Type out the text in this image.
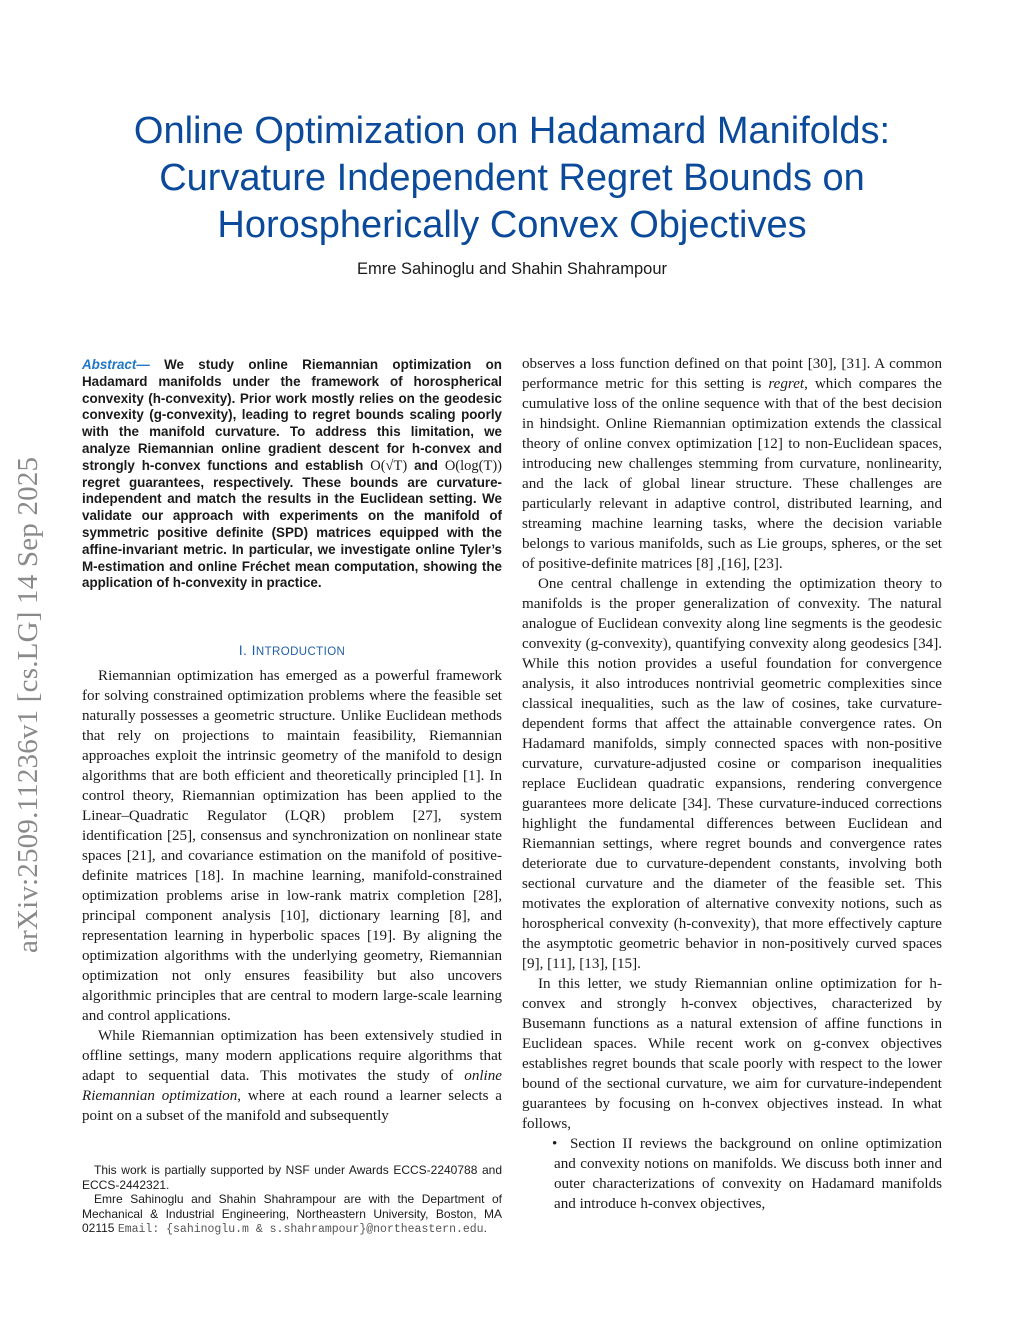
Online Optimization on Hadamard Manifolds:
Curvature Independent Regret Bounds on
Horospherically Convex Objectives
Emre Sahinoglu and Shahin Shahrampour
arXiv:2509.11236v1 [cs.LG] 14 Sep 2025
Abstract— We study online Riemannian optimization on Hadamard manifolds under the framework of horospherical convexity (h-convexity). Prior work mostly relies on the geodesic convexity (g-convexity), leading to regret bounds scaling poorly with the manifold curvature. To address this limitation, we analyze Riemannian online gradient descent for h-convex and strongly h-convex functions and establish O(√T) and O(log(T)) regret guarantees, respectively. These bounds are curvature-independent and match the results in the Euclidean setting. We validate our approach with experiments on the manifold of symmetric positive definite (SPD) matrices equipped with the affine-invariant metric. In particular, we investigate online Tyler’s M-estimation and online Fréchet mean computation, showing the application of h-convexity in practice.
I. INTRODUCTION

Riemannian optimization has emerged as a powerful framework for solving constrained optimization problems where the feasible set naturally possesses a geometric structure. Unlike Euclidean methods that rely on projections to maintain feasibility, Riemannian approaches exploit the intrinsic geometry of the manifold to design algorithms that are both efficient and theoretically principled [1]. In control theory, Riemannian optimization has been applied to the Linear–Quadratic Regulator (LQR) problem [27], system identification [25], consensus and synchronization on nonlinear state spaces [21], and covariance estimation on the manifold of positive-definite matrices [18]. In machine learning, manifold-constrained optimization problems arise in low-rank matrix completion [28], principal component analysis [10], dictionary learning [8], and representation learning in hyperbolic spaces [19]. By aligning the optimization algorithms with the underlying geometry, Riemannian optimization not only ensures feasibility but also uncovers algorithmic principles that are central to modern large-scale learning and control applications.

While Riemannian optimization has been extensively studied in offline settings, many modern applications require algorithms that adapt to sequential data. This motivates the study of online Riemannian optimization, where at each round a learner selects a point on a subset of the manifold and subsequently

This work is partially supported by NSF under Awards ECCS-2240788 and ECCS-2442321.

Emre Sahinoglu and Shahin Shahrampour are with the Department of Mechanical & Industrial Engineering, Northeastern University, Boston, MA 02115 Email: {sahinoglu.m & s.shahrampour}@northeastern.edu.

observes a loss function defined on that point [30], [31]. A common performance metric for this setting is regret, which compares the cumulative loss of the online sequence with that of the best decision in hindsight. Online Riemannian optimization extends the classical theory of online convex optimization [12] to non-Euclidean spaces, introducing new challenges stemming from curvature, nonlinearity, and the lack of global linear structure. These challenges are particularly relevant in adaptive control, distributed learning, and streaming machine learning tasks, where the decision variable belongs to various manifolds, such as Lie groups, spheres, or the set of positive-definite matrices [8] ,[16], [23].

One central challenge in extending the optimization theory to manifolds is the proper generalization of convexity. The natural analogue of Euclidean convexity along line segments is the geodesic convexity (g-convexity), quantifying convexity along geodesics [34]. While this notion provides a useful foundation for convergence analysis, it also introduces nontrivial geometric complexities since classical inequalities, such as the law of cosines, take curvature-dependent forms that affect the attainable convergence rates. On Hadamard manifolds, simply connected spaces with non-positive curvature, curvature-adjusted cosine or comparison inequalities replace Euclidean quadratic expansions, rendering convergence guarantees more delicate [34]. These curvature-induced corrections highlight the fundamental differences between Euclidean and Riemannian settings, where regret bounds and convergence rates deteriorate due to curvature-dependent constants, involving both sectional curvature and the diameter of the feasible set. This motivates the exploration of alternative convexity notions, such as horospherical convexity (h-convexity), that more effectively capture the asymptotic geometric behavior in non-positively curved spaces [9], [11], [13], [15].

In this letter, we study Riemannian online optimization for h-convex and strongly h-convex objectives, characterized by Busemann functions as a natural extension of affine functions in Euclidean spaces. While recent work on g-convex objectives establishes regret bounds that scale poorly with respect to the lower bound of the sectional curvature, we aim for curvature-independent guarantees by focusing on h-convex objectives instead. In what follows,

• Section II reviews the background on online optimization and convexity notions on manifolds. We discuss both inner and outer characterizations of convexity on Hadamard manifolds and introduce h-convex objectives,
